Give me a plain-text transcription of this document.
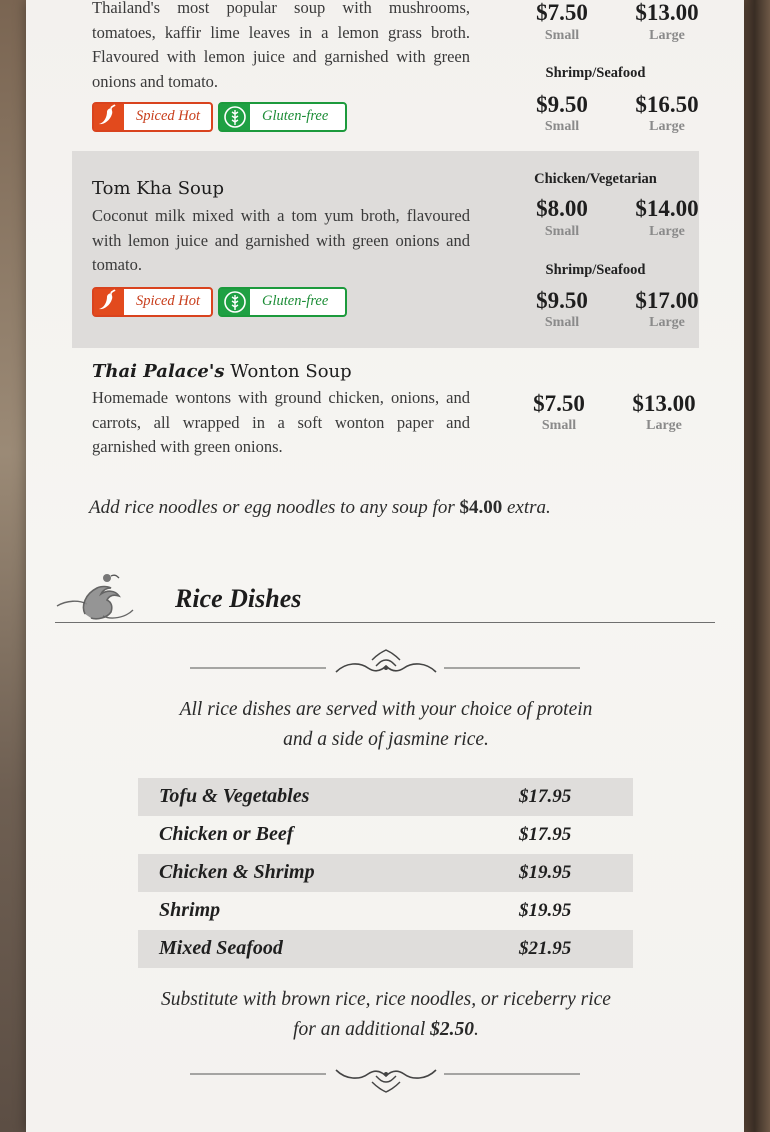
Thailand's most popular soup with mushrooms, tomatoes, kaffir lime leaves in a lemon grass broth. Flavoured with lemon juice and garnished with green onions and tomato.
Spiced Hot	Gluten-free
$7.50	$13.00
Small	Large
Shrimp/Seafood
$9.50	$16.50
Small	Large
Tom Kha Soup
Coconut milk mixed with a tom yum broth, flavoured with lemon juice and garnished with green onions and tomato.
Spiced Hot	Gluten-free
Chicken/Vegetarian
$8.00	$14.00
Small	Large
Shrimp/Seafood
$9.50	$17.00
Small	Large
Thai Palace's Wonton Soup
Homemade wontons with ground chicken, onions, and carrots, all wrapped in a soft wonton paper and garnished with green onions.
$7.50	$13.00
Small	Large
Add rice noodles or egg noodles to any soup for $4.00 extra.
Rice Dishes
All rice dishes are served with your choice of protein
and a side of jasmine rice.
Tofu & Vegetables	$17.95
Chicken or Beef	$17.95
Chicken & Shrimp	$19.95
Shrimp	$19.95
Mixed Seafood	$21.95
Substitute with brown rice, rice noodles, or riceberry rice
for an additional $2.50.
